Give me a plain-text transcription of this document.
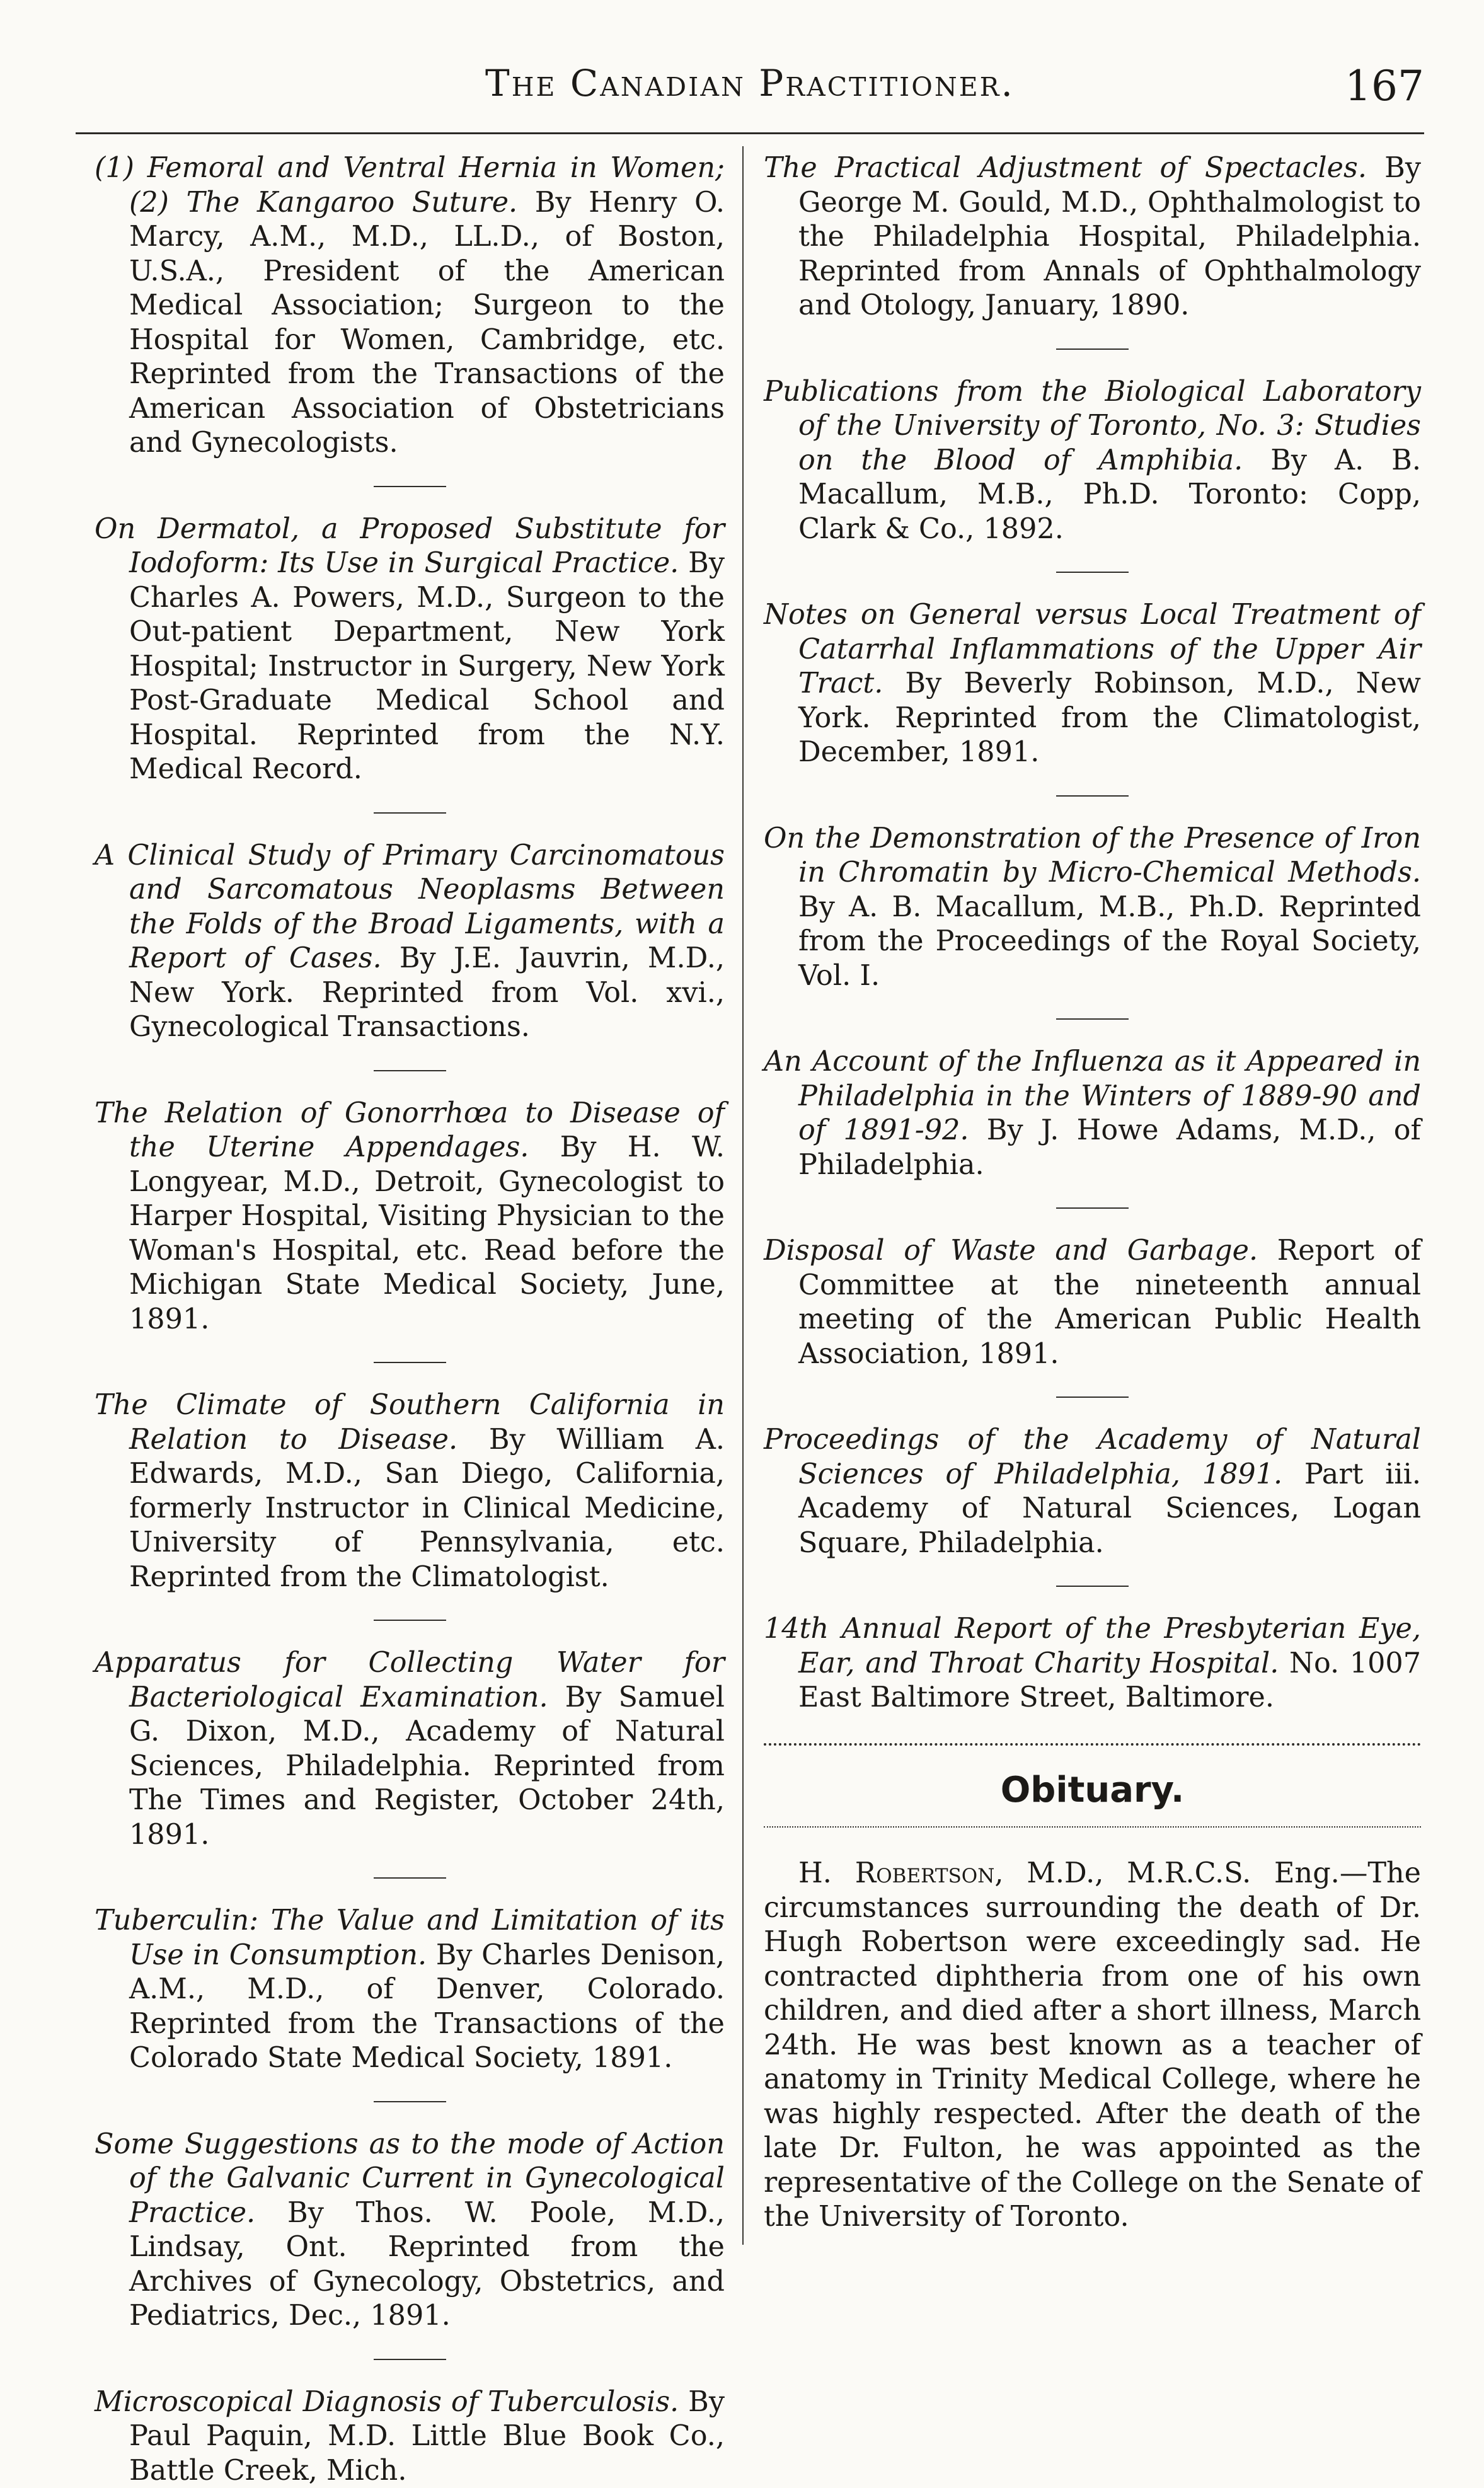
The Canadian Practitioner.	167

(1) Femoral and Ventral Hernia in Women; (2) The Kangaroo Suture. By Henry O. Marcy, A.M., M.D., LL.D., of Boston, U.S.A., President of the American Medical Association; Surgeon to the Hospital for Women, Cambridge, etc. Reprinted from the Transactions of the American Association of Obstetricians and Gynecologists.

On Dermatol, a Proposed Substitute for Iodoform: Its Use in Surgical Practice. By Charles A. Powers, M.D., Surgeon to the Out-patient Department, New York Hospital; Instructor in Surgery, New York Post-Graduate Medical School and Hospital. Reprinted from the N.Y. Medical Record.

A Clinical Study of Primary Carcinomatous and Sarcomatous Neoplasms Between the Folds of the Broad Ligaments, with a Report of Cases. By J.E. Jauvrin, M.D., New York. Reprinted from Vol. xvi., Gynecological Transactions.

The Relation of Gonorrhœa to Disease of the Uterine Appendages. By H. W. Longyear, M.D., Detroit, Gynecologist to Harper Hospital, Visiting Physician to the Woman's Hospital, etc. Read before the Michigan State Medical Society, June, 1891.

The Climate of Southern California in Relation to Disease. By William A. Edwards, M.D., San Diego, California, formerly Instructor in Clinical Medicine, University of Pennsylvania, etc. Reprinted from the Climatologist.

Apparatus for Collecting Water for Bacteriological Examination. By Samuel G. Dixon, M.D., Academy of Natural Sciences, Philadelphia. Reprinted from The Times and Register, October 24th, 1891.

Tuberculin: The Value and Limitation of its Use in Consumption. By Charles Denison, A.M., M.D., of Denver, Colorado. Reprinted from the Transactions of the Colorado State Medical Society, 1891.

Some Suggestions as to the mode of Action of the Galvanic Current in Gynecological Practice. By Thos. W. Poole, M.D., Lindsay, Ont. Reprinted from the Archives of Gynecology, Obstetrics, and Pediatrics, Dec., 1891.

Microscopical Diagnosis of Tuberculosis. By Paul Paquin, M.D. Little Blue Book Co., Battle Creek, Mich.

The Practical Adjustment of Spectacles. By George M. Gould, M.D., Ophthalmologist to the Philadelphia Hospital, Philadelphia. Reprinted from Annals of Ophthalmology and Otology, January, 1890.

Publications from the Biological Laboratory of the University of Toronto, No. 3: Studies on the Blood of Amphibia. By A. B. Macallum, M.B., Ph.D. Toronto: Copp, Clark & Co., 1892.

Notes on General versus Local Treatment of Catarrhal Inflammations of the Upper Air Tract. By Beverly Robinson, M.D., New York. Reprinted from the Climatologist, December, 1891.

On the Demonstration of the Presence of Iron in Chromatin by Micro-Chemical Methods. By A. B. Macallum, M.B., Ph.D. Reprinted from the Proceedings of the Royal Society, Vol. I.

An Account of the Influenza as it Appeared in Philadelphia in the Winters of 1889-90 and of 1891-92. By J. Howe Adams, M.D., of Philadelphia.

Disposal of Waste and Garbage. Report of Committee at the nineteenth annual meeting of the American Public Health Association, 1891.

Proceedings of the Academy of Natural Sciences of Philadelphia, 1891. Part iii. Academy of Natural Sciences, Logan Square, Philadelphia.

14th Annual Report of the Presbyterian Eye, Ear, and Throat Charity Hospital. No. 1007 East Baltimore Street, Baltimore.

Obituary.

H. Robertson, M.D., M.R.C.S. Eng.—The circumstances surrounding the death of Dr. Hugh Robertson were exceedingly sad. He contracted diphtheria from one of his own children, and died after a short illness, March 24th. He was best known as a teacher of anatomy in Trinity Medical College, where he was highly respected. After the death of the late Dr. Fulton, he was appointed as the representative of the College on the Senate of the University of Toronto.
